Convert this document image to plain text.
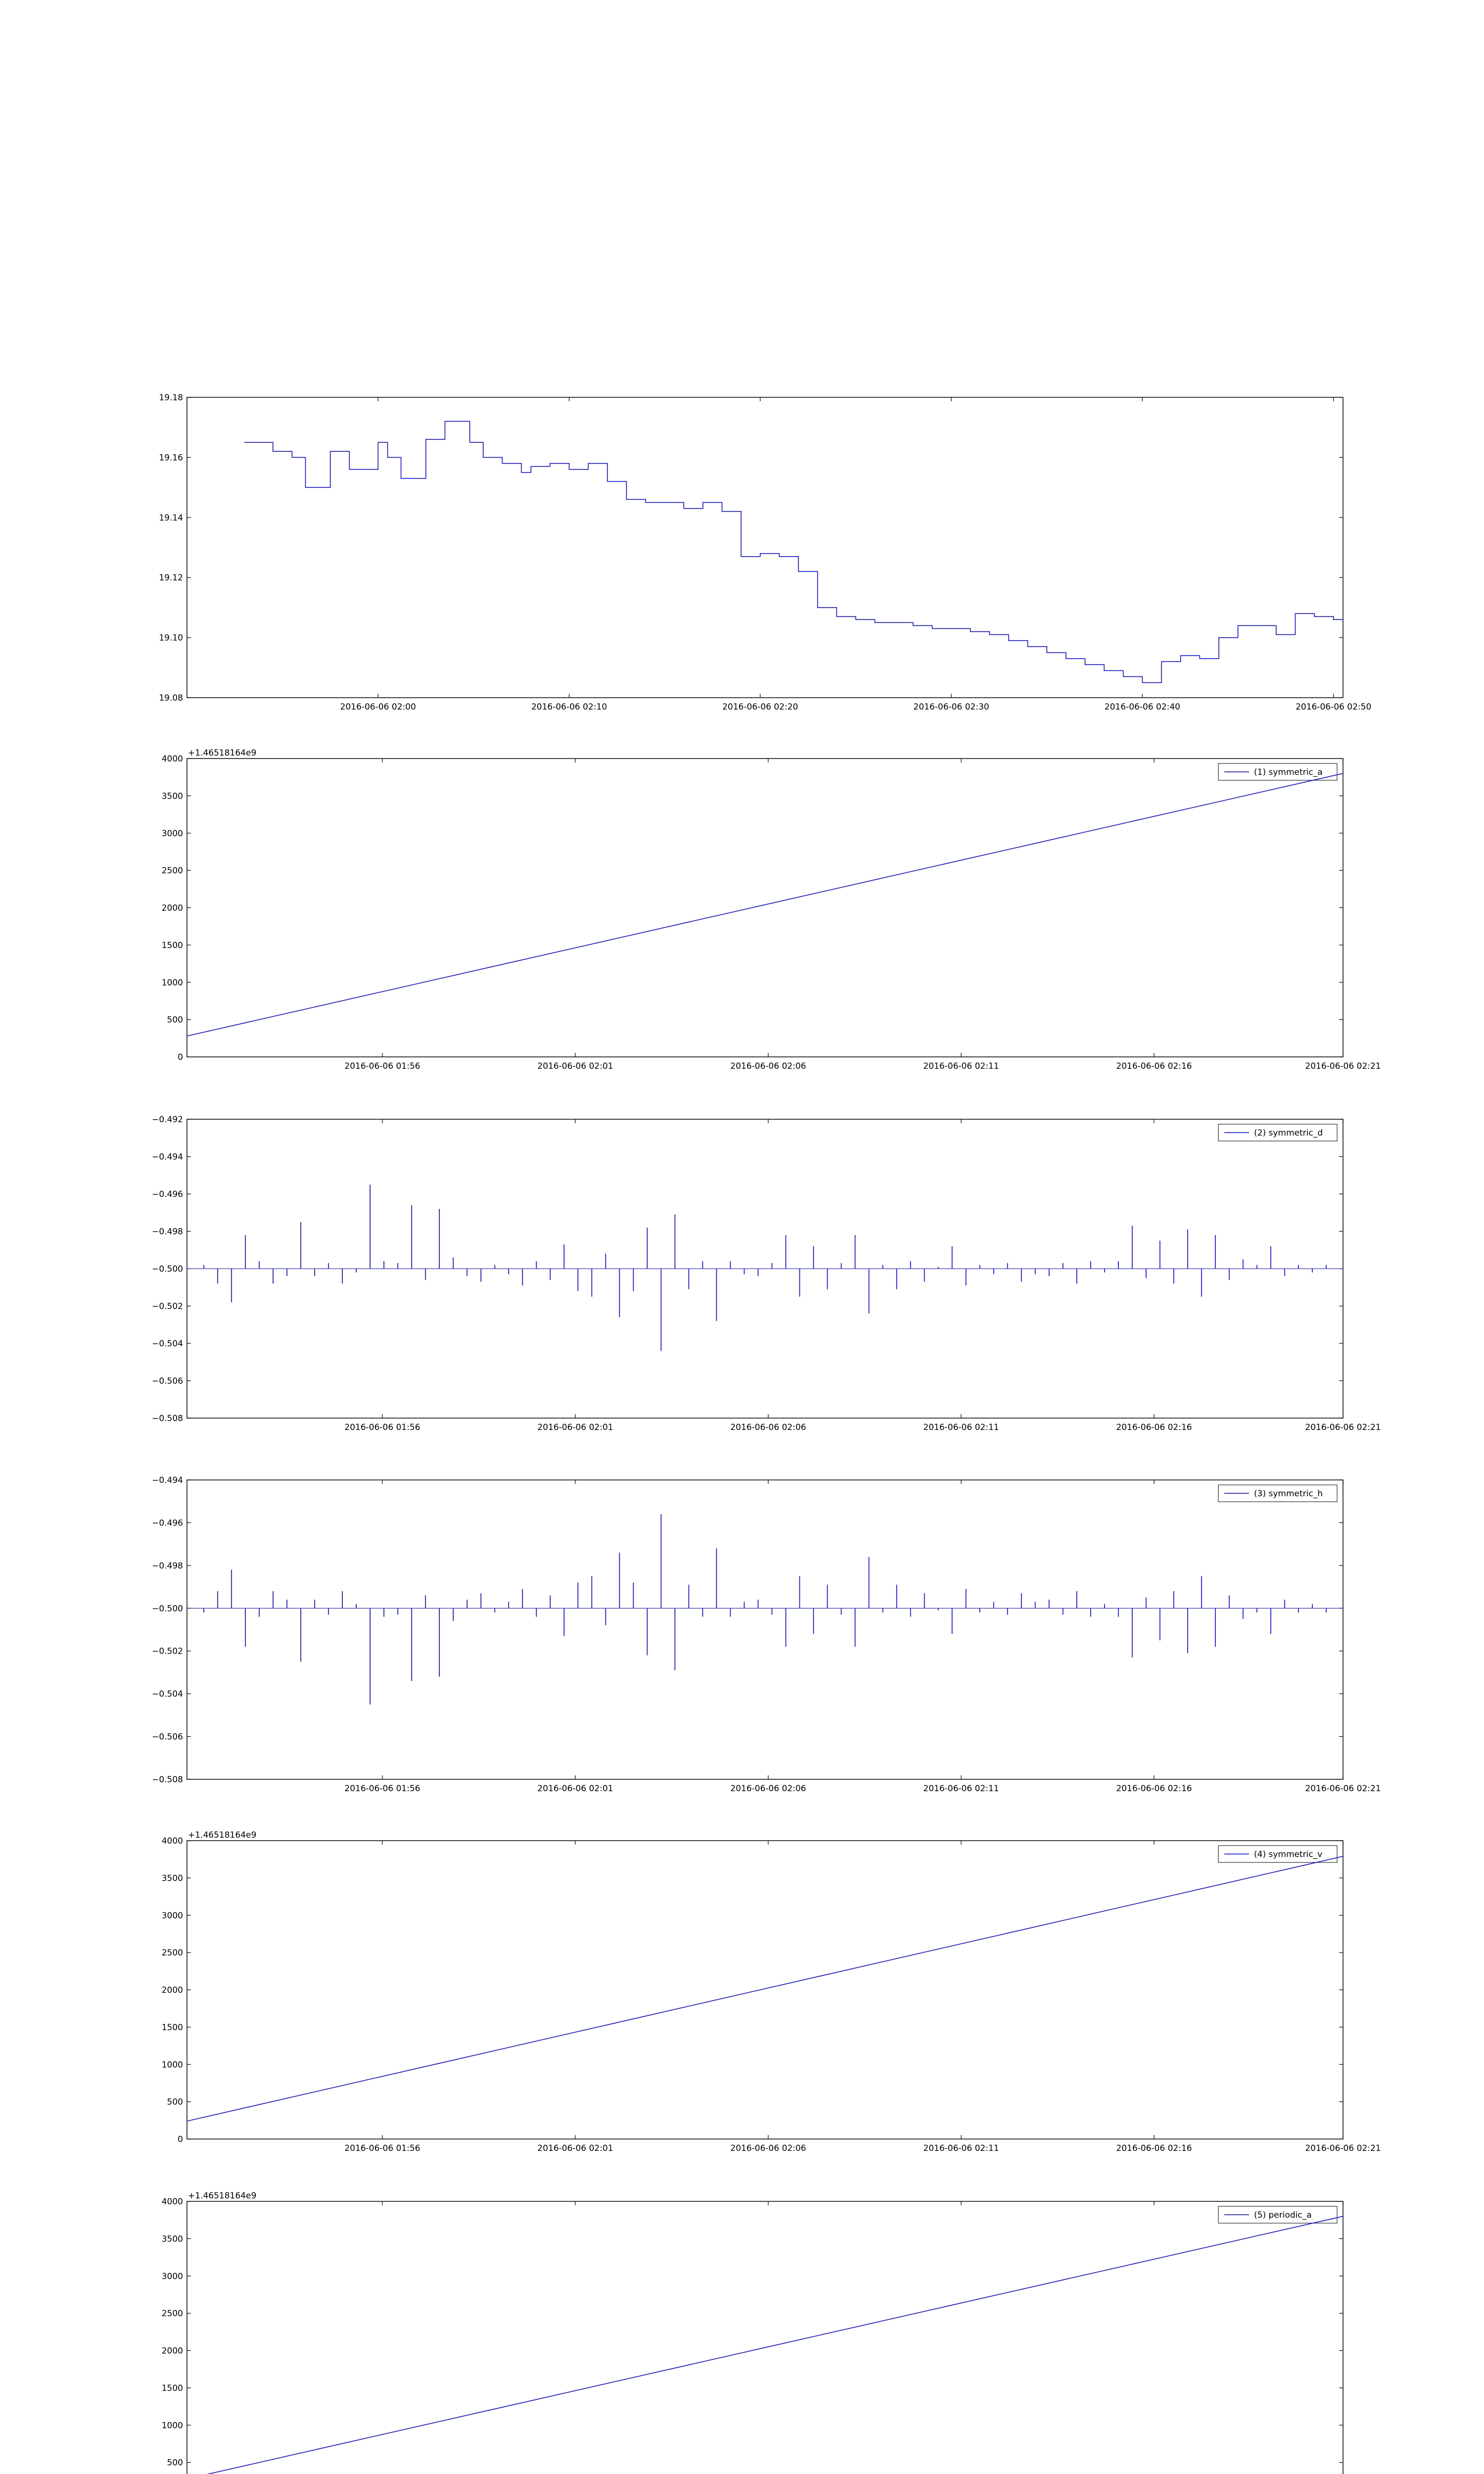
19.08
19.10
19.12
19.14
19.16
19.18
2016-06-06 02:00	2016-06-06 02:10	2016-06-06 02:20	2016-06-06 02:30	2016-06-06 02:40	2016-06-06 02:50
0
500
1000
1500
2000
2500
3000
3500
4000
2016-06-06 01:56	2016-06-06 02:01	2016-06-06 02:06	2016-06-06 02:11	2016-06-06 02:16	2016-06-06 02:21
+1.46518164e9
(1) symmetric_a
−0.508
−0.506
−0.504
−0.502
−0.500
−0.498
−0.496
−0.494
−0.492
2016-06-06 01:56	2016-06-06 02:01	2016-06-06 02:06	2016-06-06 02:11	2016-06-06 02:16	2016-06-06 02:21
(2) symmetric_d
−0.508
−0.506
−0.504
−0.502
−0.500
−0.498
−0.496
−0.494
2016-06-06 01:56	2016-06-06 02:01	2016-06-06 02:06	2016-06-06 02:11	2016-06-06 02:16	2016-06-06 02:21
(3) symmetric_h
0
500
1000
1500
2000
2500
3000
3500
4000
2016-06-06 01:56	2016-06-06 02:01	2016-06-06 02:06	2016-06-06 02:11	2016-06-06 02:16	2016-06-06 02:21
+1.46518164e9
(4) symmetric_v
500
1000
1500
2000
2500
3000
3500
4000
+1.46518164e9
(5) periodic_a
